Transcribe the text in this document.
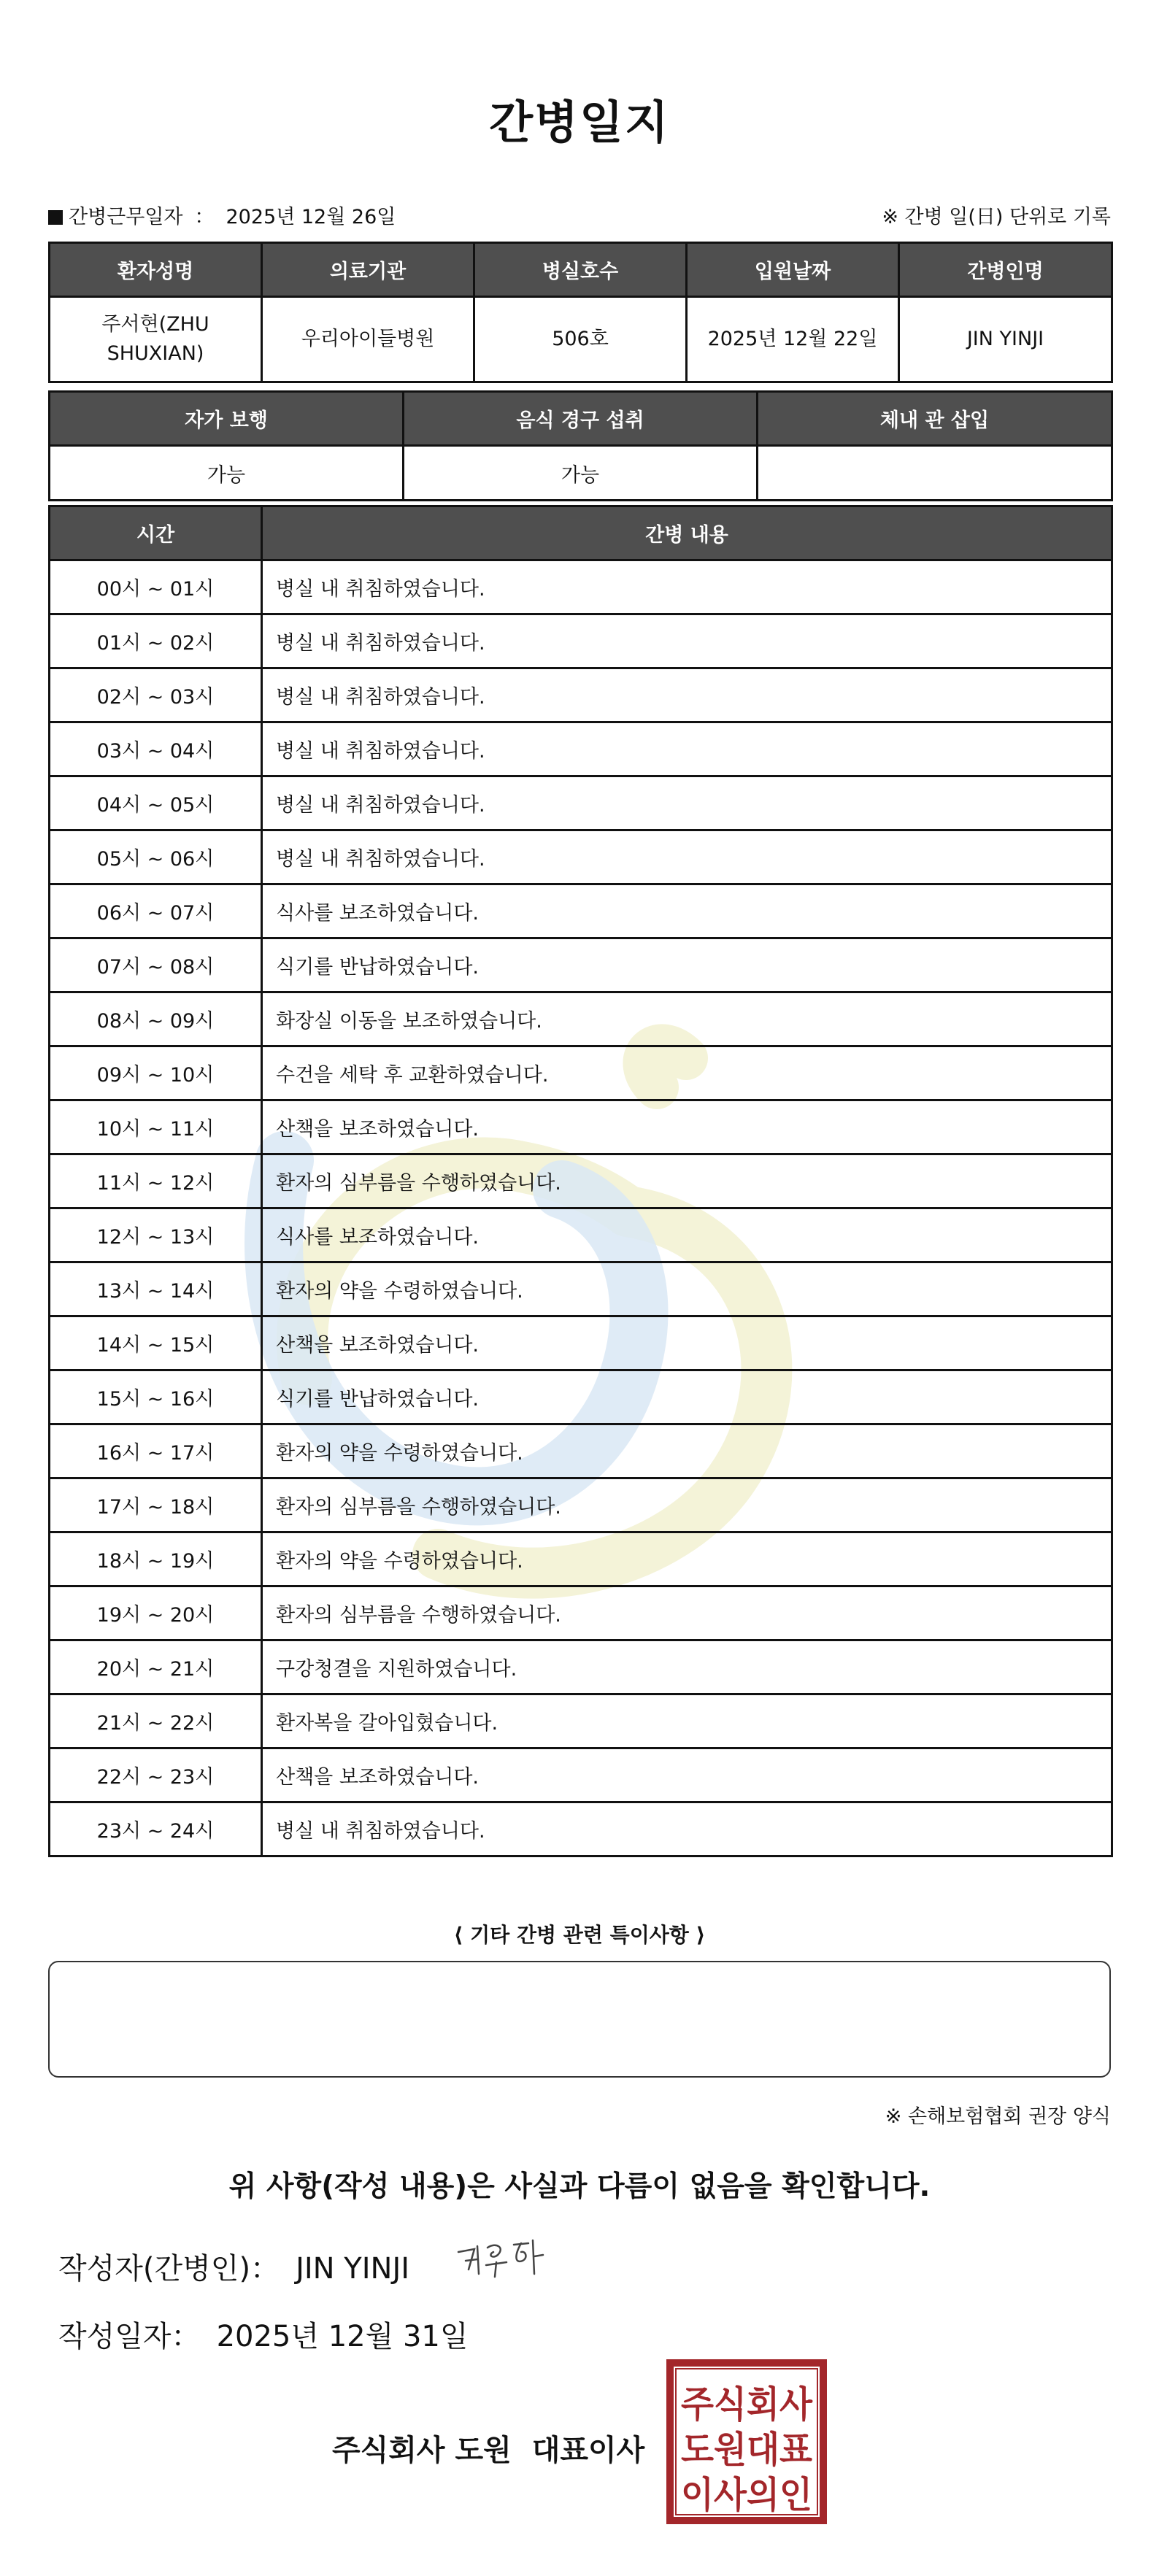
간병일지
간병근무일자 ： 2025년 12월 26일	※ 간병 일(日) 단위로 기록
환자성명	의료기관	병실호수	입원날짜	간병인명
주서현(ZHU SHUXIAN)	우리아이들병원	506호	2025년 12월 22일	JIN YINJI
자가 보행	음식 경구 섭취	체내 관 삽입
가능	가능	
시간	간병 내용
00시 ~ 01시	병실 내 취침하였습니다.
01시 ~ 02시	병실 내 취침하였습니다.
02시 ~ 03시	병실 내 취침하였습니다.
03시 ~ 04시	병실 내 취침하였습니다.
04시 ~ 05시	병실 내 취침하였습니다.
05시 ~ 06시	병실 내 취침하였습니다.
06시 ~ 07시	식사를 보조하였습니다.
07시 ~ 08시	식기를 반납하였습니다.
08시 ~ 09시	화장실 이동을 보조하였습니다.
09시 ~ 10시	수건을 세탁 후 교환하였습니다.
10시 ~ 11시	산책을 보조하였습니다.
11시 ~ 12시	환자의 심부름을 수행하였습니다.
12시 ~ 13시	식사를 보조하였습니다.
13시 ~ 14시	환자의 약을 수령하였습니다.
14시 ~ 15시	산책을 보조하였습니다.
15시 ~ 16시	식기를 반납하였습니다.
16시 ~ 17시	환자의 약을 수령하였습니다.
17시 ~ 18시	환자의 심부름을 수행하였습니다.
18시 ~ 19시	환자의 약을 수령하였습니다.
19시 ~ 20시	환자의 심부름을 수행하였습니다.
20시 ~ 21시	구강청결을 지원하였습니다.
21시 ~ 22시	환자복을 갈아입혔습니다.
22시 ~ 23시	산책을 보조하였습니다.
23시 ~ 24시	병실 내 취침하였습니다.
⟨ 기타 간병 관련 특이사항 ⟩
※ 손해보험협회 권장 양식
위 사항(작성 내용)은 사실과 다름이 없음을 확인합니다.
작성자(간병인)： JIN YINJI
작성일자： 2025년 12월 31일
주식회사 도원 대표이사
주식회사
도원대표
이사의인
